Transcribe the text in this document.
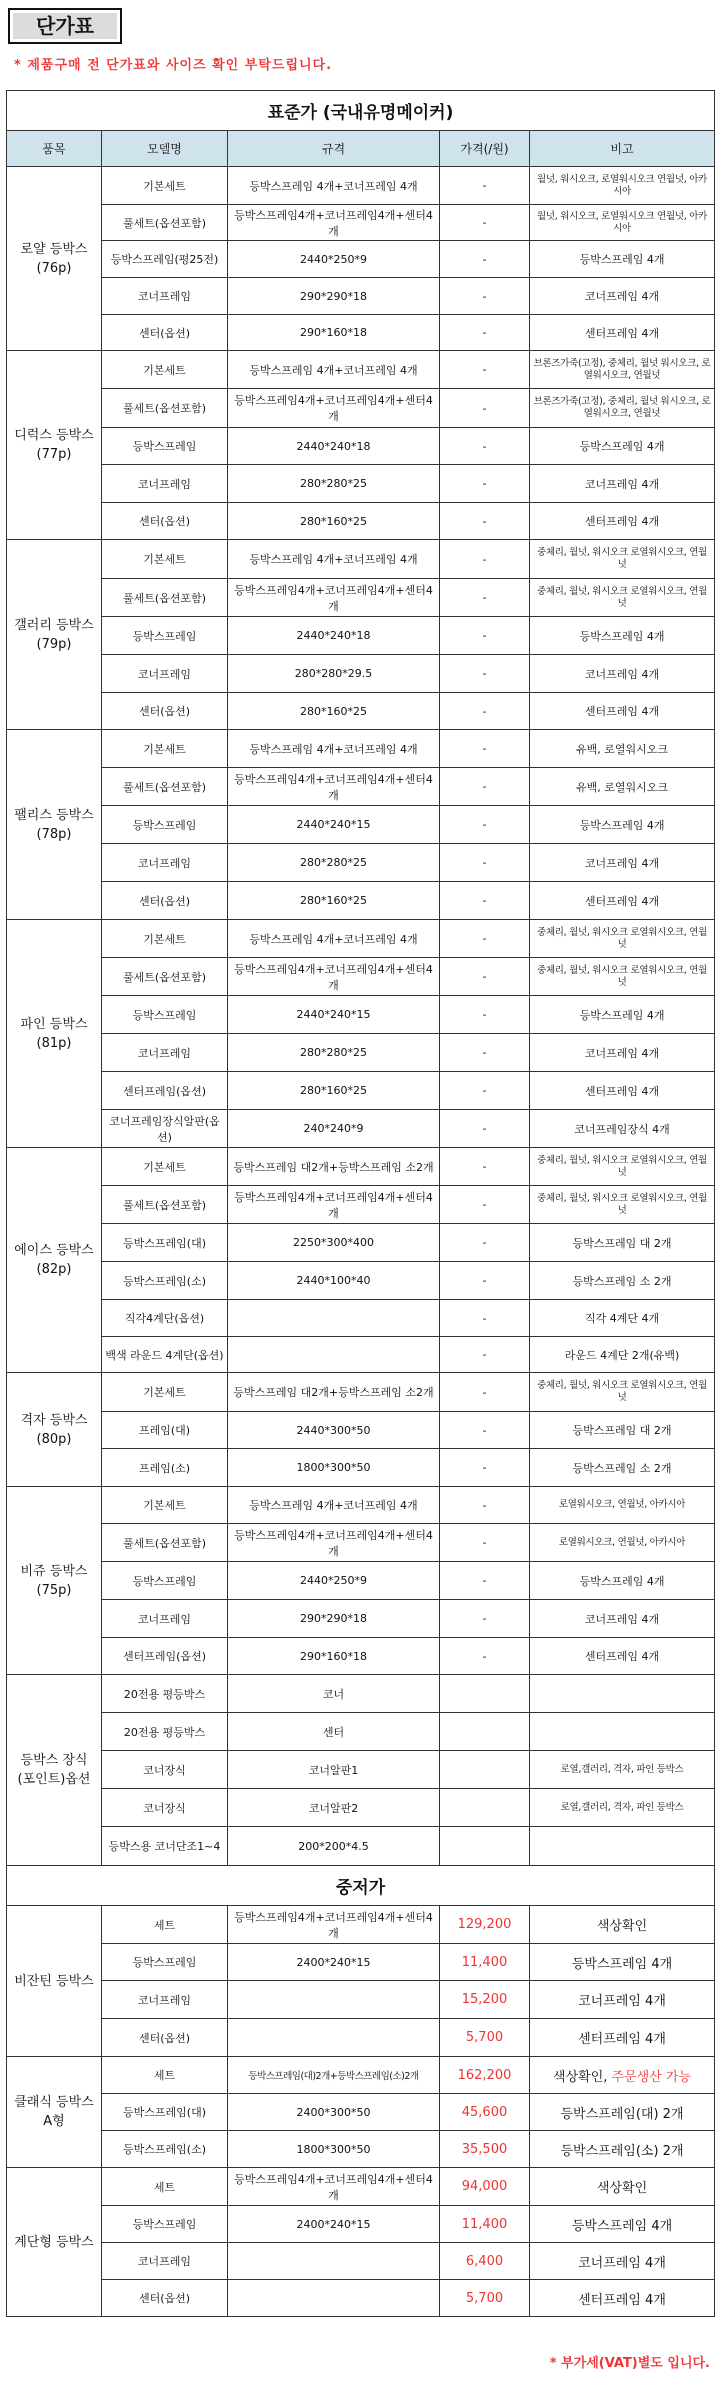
단가표
* 제품구매 전 단가표와 사이즈 확인 부탁드립니다.
표준가 (국내유명메이커)				
품목	모델명	규격	가격(/원)	비고

로얄 등박스
(76p)	기본세트	등박스프레임 4개+코너프레임 4개	-	월넛, 워시오크, 로열워시오크 연월넛, 아카시아
	풀세트(옵션포함)	등박스프레임4개+코너프레임4개+센터4개	-	월넛, 워시오크, 로열워시오크 연월넛, 아카시아
	등박스프레임(평25전)	2440*250*9	-	등박스프레임 4개
	코너프레임	290*290*18	-	코너프레임 4개
	센터(옵션)	290*160*18	-	센터프레임 4개

디럭스 등박스
(77p)	기본세트	등박스프레임 4개+코너프레임 4개	-	브론즈가죽(고정), 중체리, 월넛 워시오크, 로열워시오크, 연월넛
	풀세트(옵션포함)	등박스프레임4개+코너프레임4개+센터4개	-	브론즈가죽(고정), 중체리, 월넛 워시오크, 로열워시오크, 연월넛
	등박스프레임	2440*240*18	-	등박스프레임 4개
	코너프레임	280*280*25	-	코너프레임 4개
	센터(옵션)	280*160*25	-	센터프레임 4개

갤러리 등박스
(79p)	기본세트	등박스프레임 4개+코너프레임 4개	-	중체리, 월넛, 워시오크 로열워시오크, 연월넛
	풀세트(옵션포함)	등박스프레임4개+코너프레임4개+센터4개	-	중체리, 월넛, 워시오크 로열워시오크, 연월넛
	등박스프레임	2440*240*18	-	등박스프레임 4개
	코너프레임	280*280*29.5	-	코너프레임 4개
	센터(옵션)	280*160*25	-	센터프레임 4개

팰리스 등박스
(78p)	기본세트	등박스프레임 4개+코너프레임 4개	-	유백, 로열워시오크
	풀세트(옵션포함)	등박스프레임4개+코너프레임4개+센터4개	-	유백, 로열워시오크
	등박스프레임	2440*240*15	-	등박스프레임 4개
	코너프레임	280*280*25	-	코너프레임 4개
	센터(옵션)	280*160*25	-	센터프레임 4개

파인 등박스
(81p)	기본세트	등박스프레임 4개+코너프레임 4개	-	중체리, 월넛, 워시오크 로열워시오크, 연월넛
	풀세트(옵션포함)	등박스프레임4개+코너프레임4개+센터4개	-	중체리, 월넛, 워시오크 로열워시오크, 연월넛
	등박스프레임	2440*240*15	-	등박스프레임 4개
	코너프레임	280*280*25	-	코너프레임 4개
	센터프레임(옵션)	280*160*25	-	센터프레임 4개
	코너프레임장식알판(옵션)	240*240*9	-	코너프레임장식 4개

에이스 등박스
(82p)	기본세트	등박스프레임 대2개+등박스프레임 소2개	-	중체리, 월넛, 워시오크 로열워시오크, 연월넛
	풀세트(옵션포함)	등박스프레임4개+코너프레임4개+센터4개	-	중체리, 월넛, 워시오크 로열워시오크, 연월넛
	등박스프레임(대)	2250*300*400	-	등박스프레임 대 2개
	등박스프레임(소)	2440*100*40	-	등박스프레임 소 2개
	직각4계단(옵션)		-	직각 4계단 4개
	백색 라운드 4계단(옵션)		-	라운드 4계단 2개(유백)

격자 등박스
(80p)	기본세트	등박스프레임 대2개+등박스프레임 소2개	-	중체리, 월넛, 워시오크 로열워시오크, 연월넛
	프레임(대)	2440*300*50	-	등박스프레임 대 2개
	프레임(소)	1800*300*50	-	등박스프레임 소 2개

비쥬 등박스
(75p)	기본세트	등박스프레임 4개+코너프레임 4개	-	로열워시오크, 연월넛, 아카시아
	풀세트(옵션포함)	등박스프레임4개+코너프레임4개+센터4개	-	로열워시오크, 연월넛, 아카시아
	등박스프레임	2440*250*9	-	등박스프레임 4개
	코너프레임	290*290*18	-	코너프레임 4개
	센터프레임(옵션)	290*160*18	-	센터프레임 4개

등박스 장식
(포인트)옵션	20전용 평등박스	코너		
	20전용 평등박스	센터		
	코너장식	코너알판1		로열,갤러리, 격자, 파인 등박스
	코너장식	코너알판2		로열,갤러리, 격자, 파인 등박스
	등박스용 코너단조1~4	200*200*4.5		
중저가				

비잔틴 등박스	세트	등박스프레임4개+코너프레임4개+센터4개	129,200	색상확인
	등박스프레임	2400*240*15	11,400	등박스프레임 4개
	코너프레임		15,200	코너프레임 4개
	센터(옵션)		5,700	센터프레임 4개

클래식 등박스
A형	세트	등박스프레임(대)2개+등박스프레임(소)2개	162,200	색상확인, 주문생산 가능
	등박스프레임(대)	2400*300*50	45,600	등박스프레임(대) 2개
	등박스프레임(소)	1800*300*50	35,500	등박스프레임(소) 2개

계단형 등박스	세트	등박스프레임4개+코너프레임4개+센터4개	94,000	색상확인
	등박스프레임	2400*240*15	11,400	등박스프레임 4개
	코너프레임		6,400	코너프레임 4개
	센터(옵션)		5,700	센터프레임 4개
* 부가세(VAT)별도 입니다.
